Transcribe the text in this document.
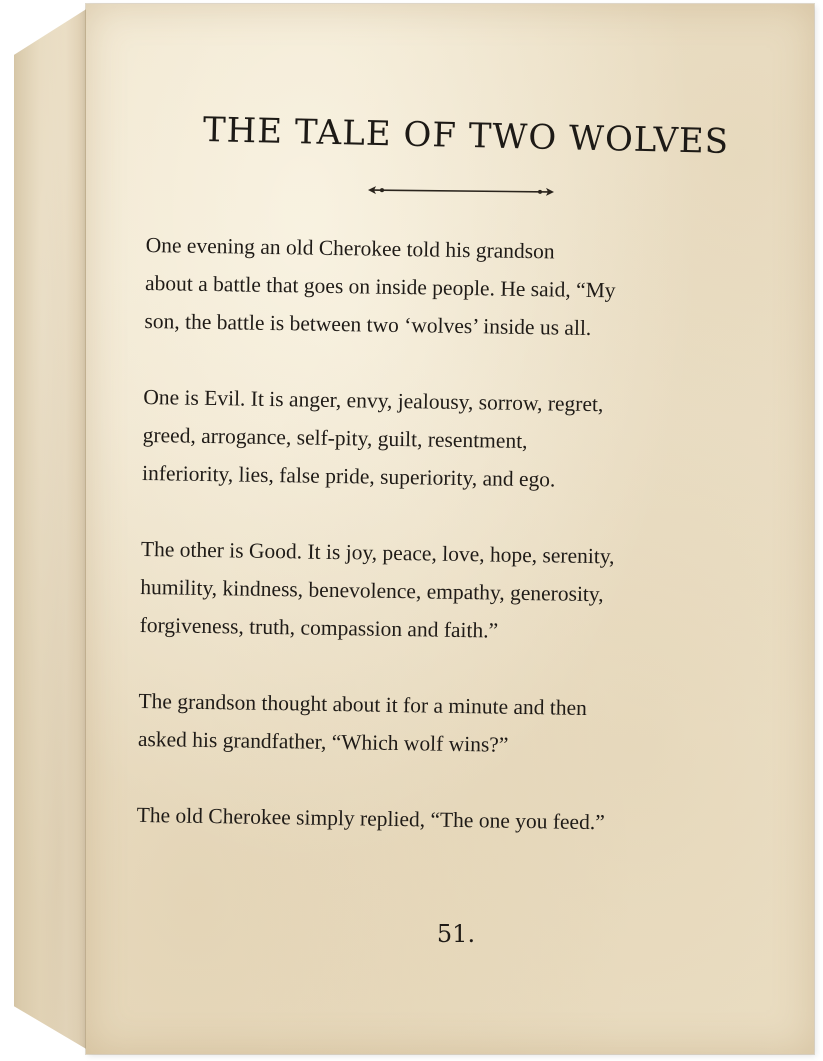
THE TALE OF TWO WOLVES

One evening an old Cherokee told his grandson
about a battle that goes on inside people. He said, “My
son, the battle is between two ‘wolves’ inside us all.

One is Evil. It is anger, envy, jealousy, sorrow, regret,
greed, arrogance, self-pity, guilt, resentment,
inferiority, lies, false pride, superiority, and ego.

The other is Good. It is joy, peace, love, hope, serenity,
humility, kindness, benevolence, empathy, generosity,
forgiveness, truth, compassion and faith.”

The grandson thought about it for a minute and then
asked his grandfather, “Which wolf wins?”

The old Cherokee simply replied, “The one you feed.”

51.
